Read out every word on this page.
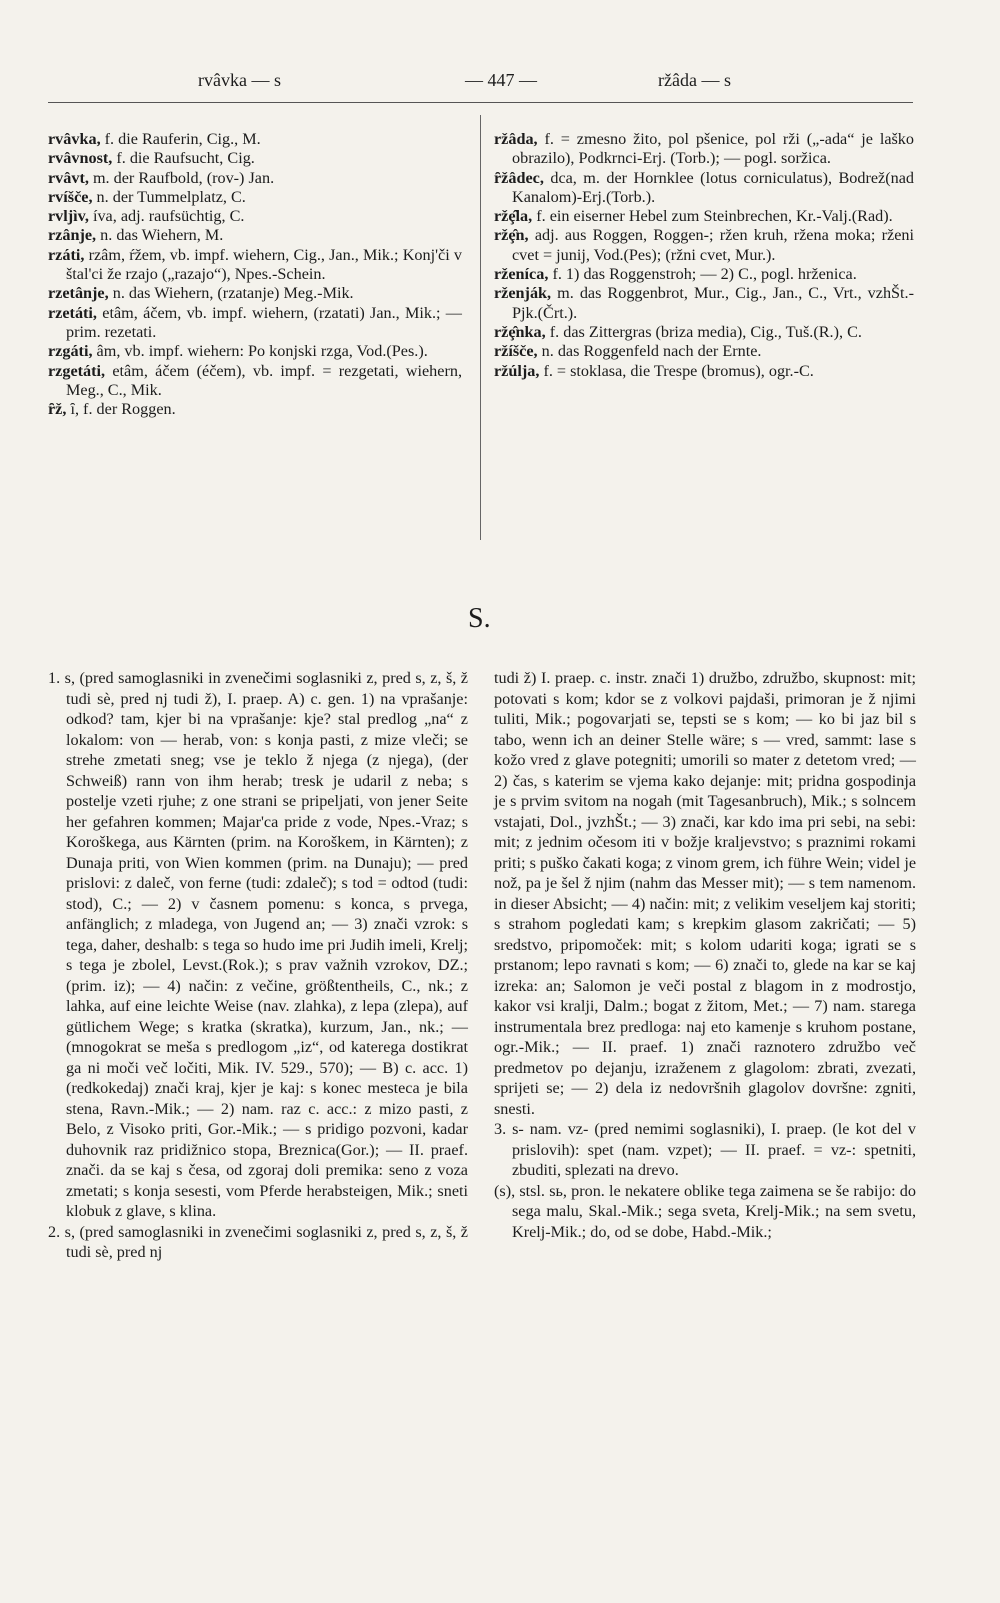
rvâvka — s	— 447 —	ržâda — s

rvâvka, f. die Rauferin, Cig., M.

rvâvnost, f. die Raufsucht, Cig.

rvâvt, m. der Raufbold, (rov-) Jan.

rvíšče, n. der Tummelplatz, C.

rvljìv, íva, adj. raufsüchtig, C.

rzânje, n. das Wiehern, M.

rzáti, rzâm, ŕžem, vb. impf. wiehern, Cig., Jan., Mik.; Konj'či v štal'ci že rzajo („razajo“), Npes.-Schein.

rzetânje, n. das Wiehern, (rzatanje) Meg.-Mik.

rzetáti, etâm, áčem, vb. impf. wiehern, (rzatati) Jan., Mik.; — prim. rezetati.

rzgáti, âm, vb. impf. wiehern: Po konjski rzga, Vod.(Pes.).

rzgetáti, etâm, áčem (éčem), vb. impf. = rezgetati, wiehern, Meg., C., Mik.

ȓž, ȋ, f. der Roggen.

ržâda, f. = zmesno žito, pol pšenice, pol rži („-ada“ je laško obrazilo), Podkrnci-Erj. (Torb.); — pogl. soržica.

ȓžâdec, dca, m. der Hornklee (lotus corniculatus), Bodrež(nad Kanalom)-Erj.(Torb.).

ržȩ̂la, f. ein eiserner Hebel zum Steinbrechen, Kr.-Valj.(Rad).

ržȩ̂n, adj. aus Roggen, Roggen-; ržen kruh, ržena moka; rženi cvet = junij, Vod.(Pes); (ržni cvet, Mur.).

rženíca, f. 1) das Roggenstroh; — 2) C., pogl. hrženica.

rženják, m. das Roggenbrot, Mur., Cig., Jan., C., Vrt., vzhŠt.-Pjk.(Črt.).

ržȩ̂nka, f. das Zittergras (briza media), Cig., Tuš.(R.), C.

ržíšče, n. das Roggenfeld nach der Ernte.

ržúlja, f. = stoklasa, die Trespe (bromus), ogr.-C.

S.

1. s, (pred samoglasniki in zvenečimi soglasniki z, pred s, z, š, ž tudi sè, pred nj tudi ž), I. praep. A) c. gen. 1) na vprašanje: odkod? tam, kjer bi na vprašanje: kje? stal predlog „na“ z lokalom: von — herab, von: s konja pasti, z mize vleči; se strehe zmetati sneg; vse je teklo ž njega (z njega), (der Schweiß) rann von ihm herab; tresk je udaril z neba; s postelje vzeti rjuhe; z one strani se pripeljati, von jener Seite her gefahren kommen; Majar'ca pride z vode, Npes.-Vraz; s Koroškega, aus Kärnten (prim. na Koroškem, in Kärnten); z Dunaja priti, von Wien kommen (prim. na Dunaju); — pred prislovi: z daleč, von ferne (tudi: zdaleč); s tod = odtod (tudi: stod), C.; — 2) v časnem pomenu: s konca, s prvega, anfänglich; z mladega, von Jugend an; — 3) znači vzrok: s tega, daher, deshalb: s tega so hudo ime pri Judih imeli, Krelj; s tega je zbolel, Levst.(Rok.); s prav važnih vzrokov, DZ.; (prim. iz); — 4) način: z večine, größtentheils, C., nk.; z lahka, auf eine leichte Weise (nav. zlahka), z lepa (zlepa), auf gütlichem Wege; s kratka (skratka), kurzum, Jan., nk.; — (mnogokrat se meša s predlogom „iz“, od katerega dostikrat ga ni moči več ločiti, Mik. IV. 529., 570); — B) c. acc. 1) (redkokedaj) znači kraj, kjer je kaj: s konec mesteca je bila stena, Ravn.-Mik.; — 2) nam. raz c. acc.: z mizo pasti, z Belo, z Visoko priti, Gor.-Mik.; — s pridigo pozvoni, kadar duhovnik raz pridižnico stopa, Breznica(Gor.); — II. praef. znači. da se kaj s česa, od zgoraj doli premika: seno z voza zmetati; s konja sesesti, vom Pferde herabsteigen, Mik.; sneti klobuk z glave, s klina.

2. s, (pred samoglasniki in zvenečimi soglasniki z, pred s, z, š, ž tudi sè, pred nj

tudi ž) I. praep. c. instr. znači 1) družbo, združbo, skupnost: mit; potovati s kom; kdor se z volkovi pajdaši, primoran je ž njimi tuliti, Mik.; pogovarjati se, tepsti se s kom; — ko bi jaz bil s tabo, wenn ich an deiner Stelle wäre; s — vred, sammt: lase s kožo vred z glave potegniti; umorili so mater z detetom vred; — 2) čas, s katerim se vjema kako dejanje: mit; pridna gospodinja je s prvim svitom na nogah (mit Tagesanbruch), Mik.; s solncem vstajati, Dol., jvzhŠt.; — 3) znači, kar kdo ima pri sebi, na sebi: mit; z jednim očesom iti v božje kraljevstvo; s praznimi rokami priti; s puško čakati koga; z vinom grem, ich führe Wein; videl je nož, pa je šel ž njim (nahm das Messer mit); — s tem namenom. in dieser Absicht; — 4) način: mit; z velikim veseljem kaj storiti; s strahom pogledati kam; s krepkim glasom zakričati; — 5) sredstvo, pripomoček: mit; s kolom udariti koga; igrati se s prstanom; lepo ravnati s kom; — 6) znači to, glede na kar se kaj izreka: an; Salomon je veči postal z blagom in z modrostjo, kakor vsi kralji, Dalm.; bogat z žitom, Met.; — 7) nam. starega instrumentala brez predloga: naj eto kamenje s kruhom postane, ogr.-Mik.; — II. praef. 1) znači raznotero združbo več predmetov po dejanju, izraženem z glagolom: zbrati, zvezati, sprijeti se; — 2) dela iz nedovršnih glagolov dovršne: zgniti, snesti.

3. s- nam. vz- (pred nemimi soglasniki), I. praep. (le kot del v prislovih): spet (nam. vzpet); — II. praef. = vz-: spetniti, zbuditi, splezati na drevo.

(s), stsl. sь, pron. le nekatere oblike tega zaimena se še rabijo: do sega malu, Skal.-Mik.; sega sveta, Krelj-Mik.; na sem svetu, Krelj-Mik.; do, od se dobe, Habd.-Mik.;
